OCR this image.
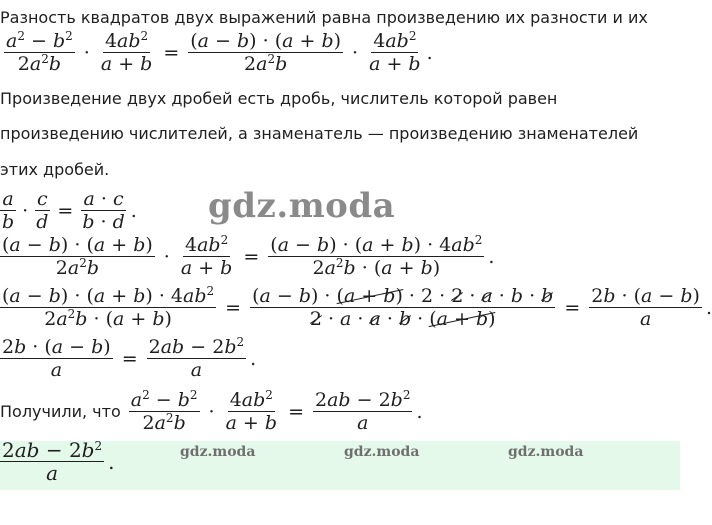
Разность квадратов двух выражений равна произведению их разности и их
$\frac{a^2 - b^2}{2a^2b} \cdot \frac{4ab^2}{a + b} = \frac{(a - b) \cdot (a + b)}{2a^2b} \cdot \frac{4ab^2}{a + b}$ .
Произведение двух дробей есть дробь, числитель которой равен
произведению числителей, а знаменатель — произведению знаменателей
этих дробей.
$\frac{a}{b} \cdot \frac{c}{d} = \frac{a \cdot c}{b \cdot d}$ . gdz.moda
$\frac{(a - b) \cdot (a + b)}{2a^2b} \cdot \frac{4ab^2}{a + b} = \frac{(a - b) \cdot (a + b) \cdot 4ab^2}{2a^2b \cdot (a + b)}$ .
$\frac{(a - b) \cdot (a + b) \cdot 4ab^2}{2a^2b \cdot (a + b)} = \frac{(a - b) \cdot (a + b) \cdot 2 \cdot 2 \cdot a \cdot b \cdot b}{2 \cdot a \cdot a \cdot b \cdot (a + b)} = \frac{2b \cdot (a - b)}{a}$ .
$\frac{2b \cdot (a - b)}{a} = \frac{2ab - 2b^2}{a}$ .
Получили, что $\frac{a^2 - b^2}{2a^2b} \cdot \frac{4ab^2}{a + b} = \frac{2ab - 2b^2}{a}$ .
$\frac{2ab - 2b^2}{a}$ .	gdz.moda	gdz.moda	gdz.moda
